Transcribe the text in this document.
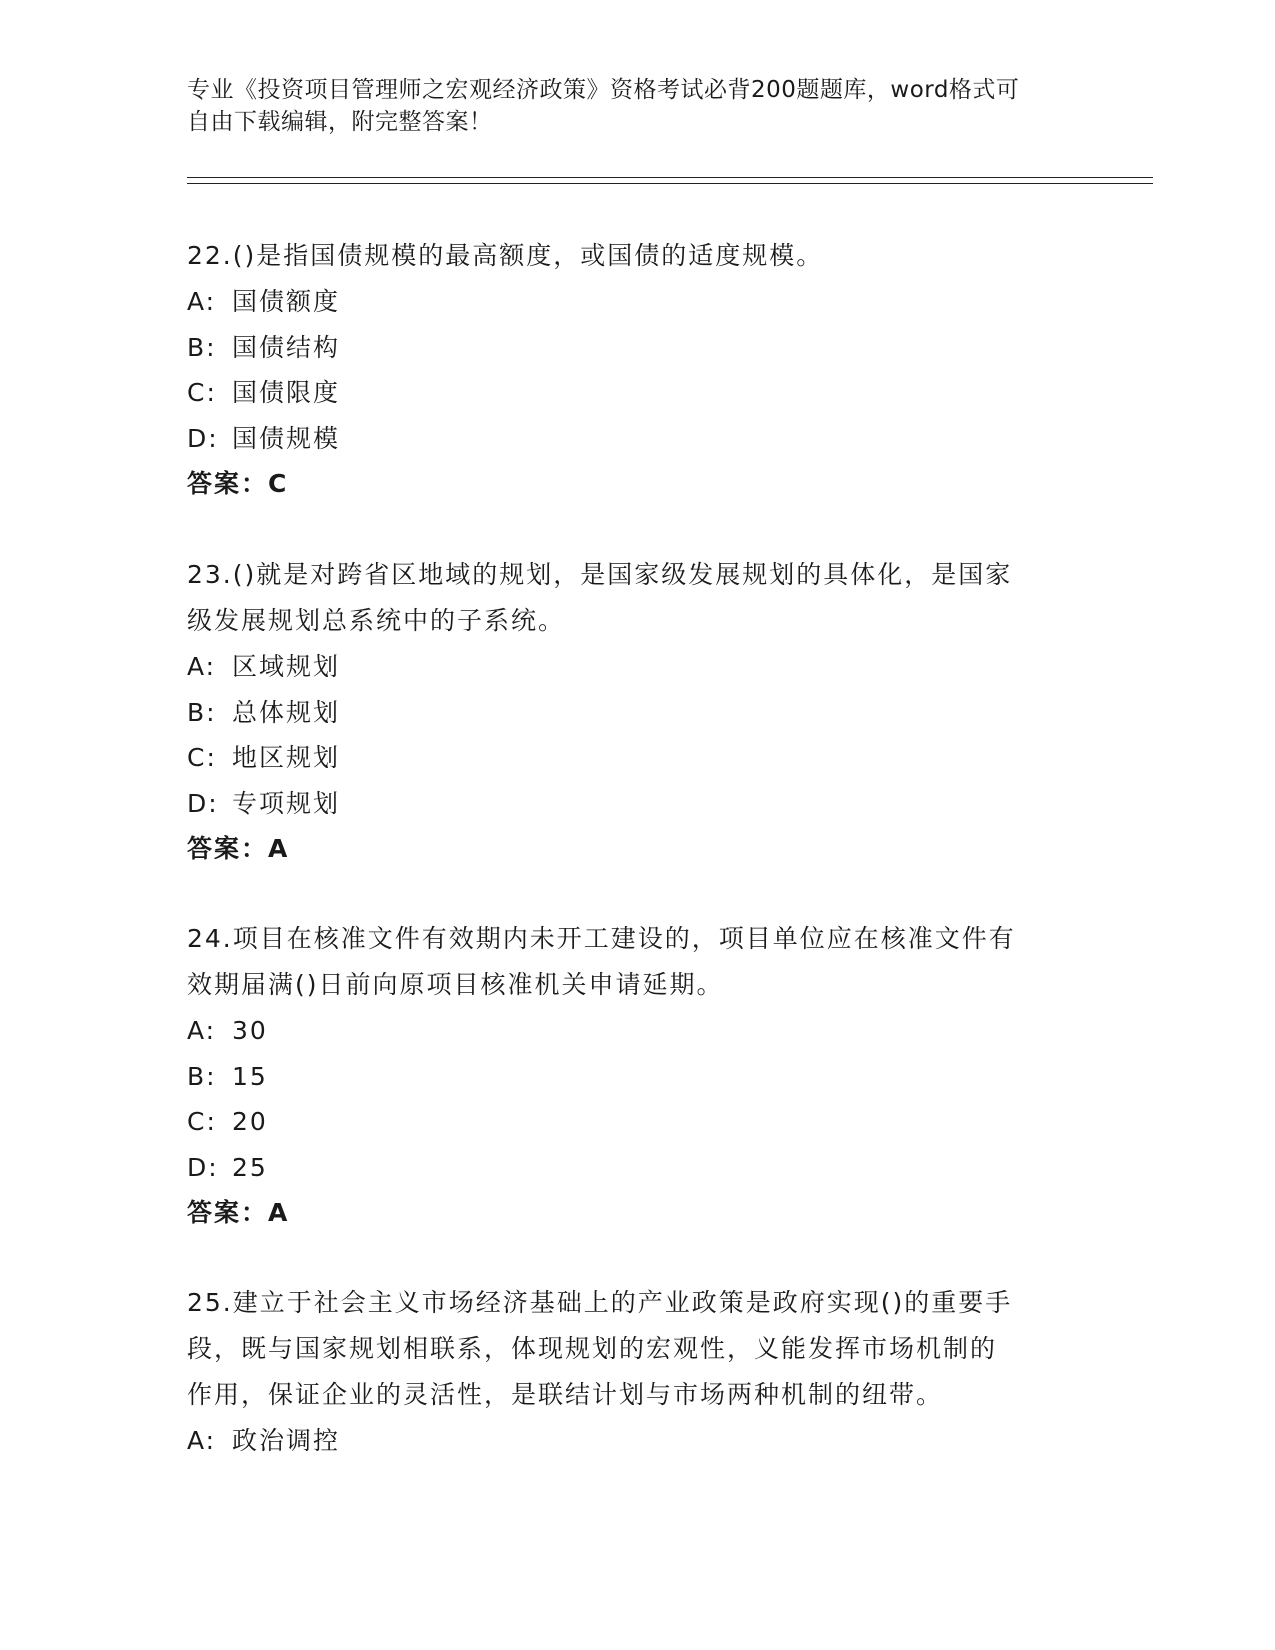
专业《投资项目管理师之宏观经济政策》资格考试必背200题题库，word格式可
自由下载编辑，附完整答案！
22.()是指国债规模的最高额度，或国债的适度规模。
A: 国债额度
B: 国债结构
C: 国债限度
D: 国债规模
答案：C
23.()就是对跨省区地域的规划，是国家级发展规划的具体化，是国家
级发展规划总系统中的子系统。
A: 区域规划
B: 总体规划
C: 地区规划
D: 专项规划
答案：A
24.项目在核准文件有效期内未开工建设的，项目单位应在核准文件有
效期届满()日前向原项目核准机关申请延期。
A: 30
B: 15
C: 20
D: 25
答案：A
25.建立于社会主义市场经济基础上的产业政策是政府实现()的重要手
段，既与国家规划相联系，体现规划的宏观性，义能发挥市场机制的
作用，保证企业的灵活性，是联结计划与市场两种机制的纽带。
A: 政治调控
